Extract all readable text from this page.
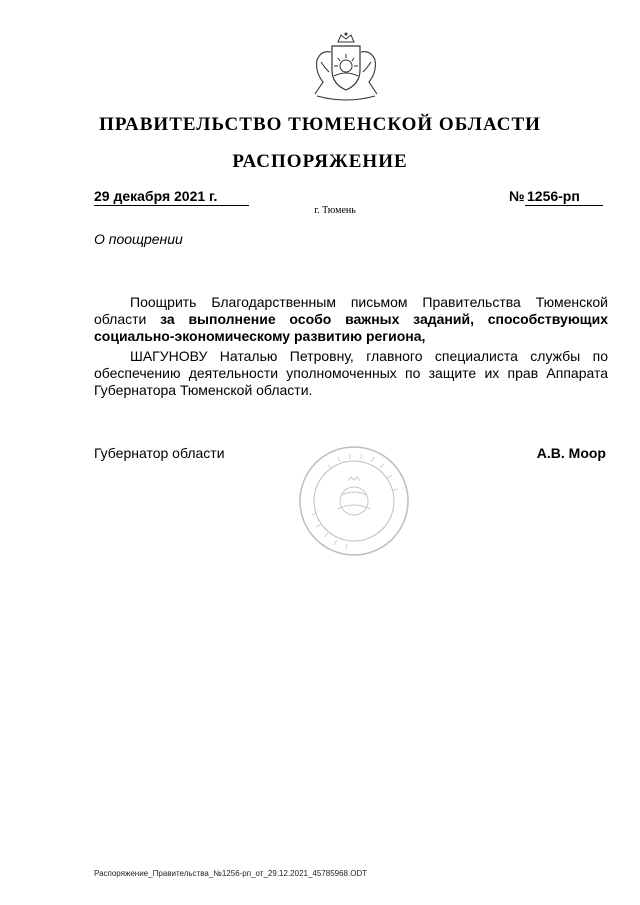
ПРАВИТЕЛЬСТВО ТЮМЕНСКОЙ ОБЛАСТИ
РАСПОРЯЖЕНИЕ
29 декабря 2021 г.	№ 1256-рп
г. Тюмень
О поощрении
Поощрить Благодарственным письмом Правительства Тюменской области за выполнение особо важных заданий, способствующих социально-экономическому развитию региона,
ШАГУНОВУ Наталью Петровну, главного специалиста службы по обеспечению деятельности уполномоченных по защите их прав Аппарата Губернатора Тюменской области.
Губернатор области	А.В. Моор
Распоряжение_Правительства_№1256-рп_от_29.12.2021_45785968.ODT
